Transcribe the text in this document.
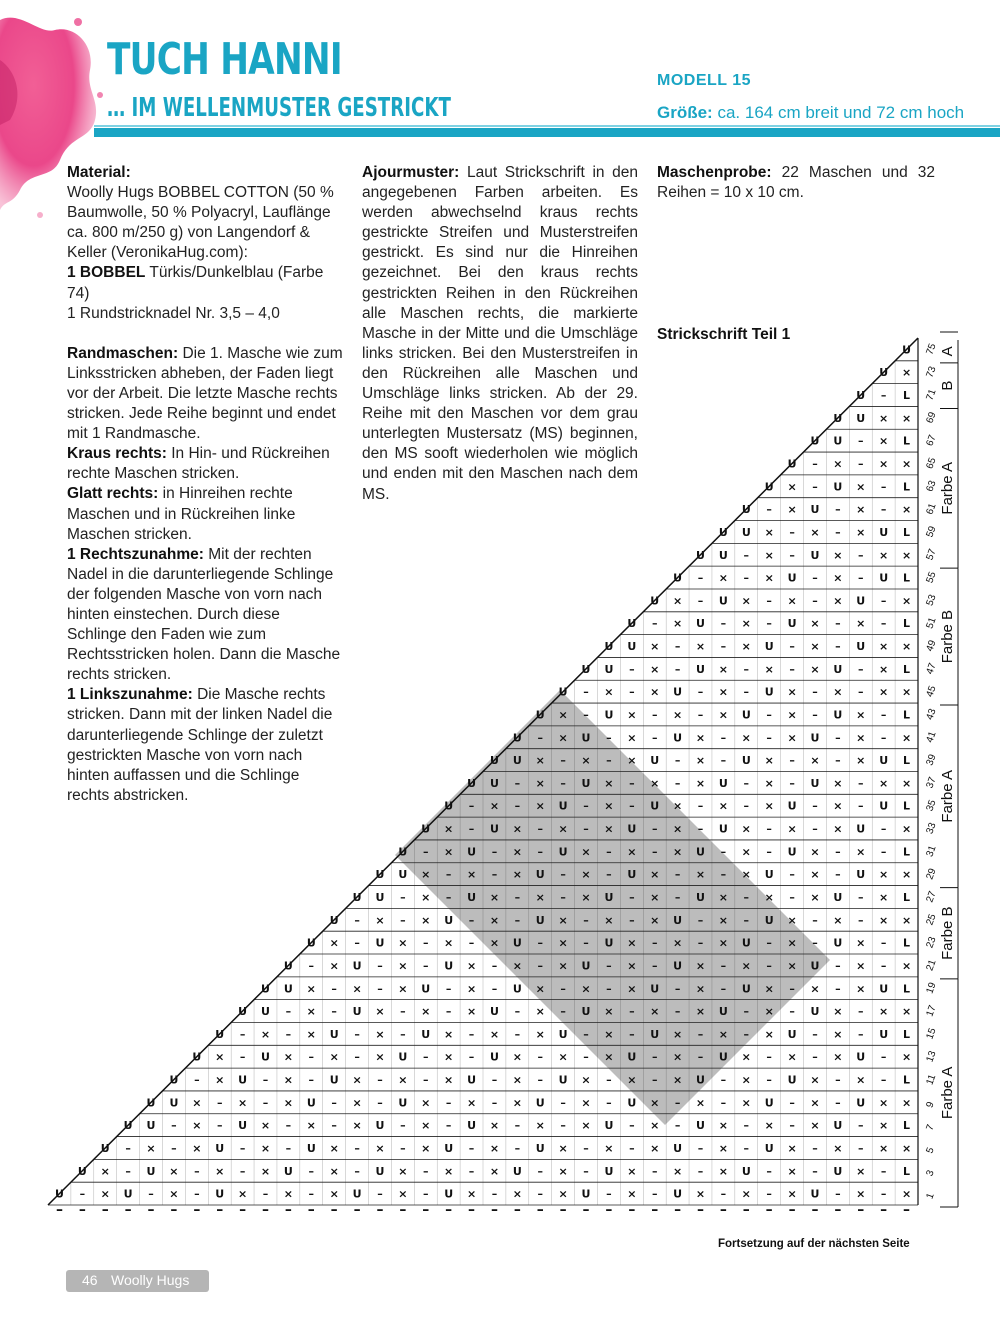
TUCH HANNI
… IM WELLENMUSTER GESTRICKT
MODELL 15
Größe: ca. 164 cm breit und 72 cm hoch

Material:
Woolly Hugs BOBBEL COTTON (50 % Baumwolle, 50 % Polyacryl, Lauflänge ca. 800 m/250 g) von Langendorf & Keller (VeronikaHug.com):
1 BOBBEL Türkis/Dunkelblau (Farbe 74)
1 Rundstricknadel Nr. 3,5 – 4,0

Randmaschen: Die 1. Masche wie zum Linksstricken abheben, der Faden liegt vor der Arbeit. Die letzte Masche rechts stricken. Jede Reihe beginnt und endet mit 1 Randmasche.

Kraus rechts: In Hin- und Rückreihen rechte Maschen stricken.

Glatt rechts: in Hinreihen rechte Maschen und in Rückreihen linke Maschen stricken.

1 Rechtszunahme: Mit der rechten Nadel in die darunterliegende Schlinge der folgenden Masche von vorn nach hinten einstechen. Durch diese Schlinge den Faden wie zum Rechtsstricken holen. Dann die Masche rechts stricken.

1 Linkszunahme: Die Masche rechts stricken. Dann mit der linken Nadel die darunterliegende Schlinge der zuletzt gestrickten Masche von vorn nach hinten auffassen und die Schlinge rechts abstricken.

Ajourmuster: Laut Strickschrift in den angegebenen Farben arbeiten. Es werden abwechselnd kraus rechts gestrickte Streifen und Musterstreifen gestrickt. Es sind nur die Hinreihen gezeichnet. Bei den kraus rechts gestrickten Reihen in den Rückreihen alle Maschen rechts, die markierte Masche in der Mitte und die Umschläge links stricken. Bei den Musterstreifen in den Rückreihen alle Maschen und Umschläge links stricken. Ab der 29. Reihe mit den Maschen vor dem grau unterlegten Mustersatz (MS) beginnen, den MS sooft wiederholen wie möglich und enden mit den Maschen nach dem MS.

Maschenprobe: 22 Maschen und 32 Reihen = 10 x 10 cm.

Strickschrift Teil 1
– × U – × – U × – × – × U – × – U × – × – × U – × – U × – × – × U – × – ×
U
× – U × – × – × U – × – U × – × – × U – × – U × – × – × U – × – U × – L
U
– × – × U – × – U × – × – × U – × – U × – × – × U – × – U × – × – × ×
U
U – × – U × – × – × U – × – U × – × – × U – × – U × – × – × U – × L
U
U × – × – × U – × – U × – × – × U – × – U × – × – × U – × – U × ×
U
– × U – × – U × – × – × U – × – U × – × – × U – × – U × – × – L
U
× – U × – × – × U – × – U × – × – × U – × – U × – × – × U – ×
U
– × – × U – × – U × – × – × U – × – U × – × – × U – × – U L
U
U – × – U × – × – × U – × – U × – × – × U – × – U × – × ×
U
U × – × – × U – × – U × – × – × U – × – U × – × – × U L
U
– × U – × – U × – × – × U – × – U × – × – × U – × – ×
U
× – U × – × – × U – × – U × – × – × U – × – U × – L
U
– × – × U – × – U × – × – × U – × – U × – × – × ×
U
U – × – U × – × – × U – × – U × – × – × U – × L
U
U × – × – × U – × – U × – × – × U – × – U × ×
U
– × U – × – U × – × – × U – × – U × – × – L
U
× – U × – × – × U – × – U × – × – × U – ×
U
– × – × U – × – U × – × – × U – × – U L
U
U – × – U × – × – × U – × – U × – × ×
U
U × – × – × U – × – U × – × – × U L
U
– × U – × – U × – × – × U – × – ×
U
× – U × – × – × U – × – U × – L
U
– × – × U – × – U × – × – × ×
U
U – × – U × – × – × U – × L
U
U × – × – × U – × – U × ×
U
– × U – × – U × – × – L
U
× – U × – × – × U – ×
U
– × – × U – × – U L
U
U – × – U × – × ×
U
U × – × – × U L
U
– × U – × – ×
U
× – U × – L
U
– × – × ×
U
U – × L
U
U × ×
U
– L
U
×
U
U
– – – – – – – – – – – – – – – – – – – – – – – – – – – – – – – – – – – – – –
1
3
5
7
9
11
13
15
17
19
21
23
25
27
29
31
33
35
37
39
41
43
45
47
49
51
53
55
57
59
61
63
65
67
69
71
73
75
Farbe A
Farbe B
Farbe A
Farbe B
Farbe A
B
A
Fortsetzung auf der nächsten Seite
46 Woolly Hugs
